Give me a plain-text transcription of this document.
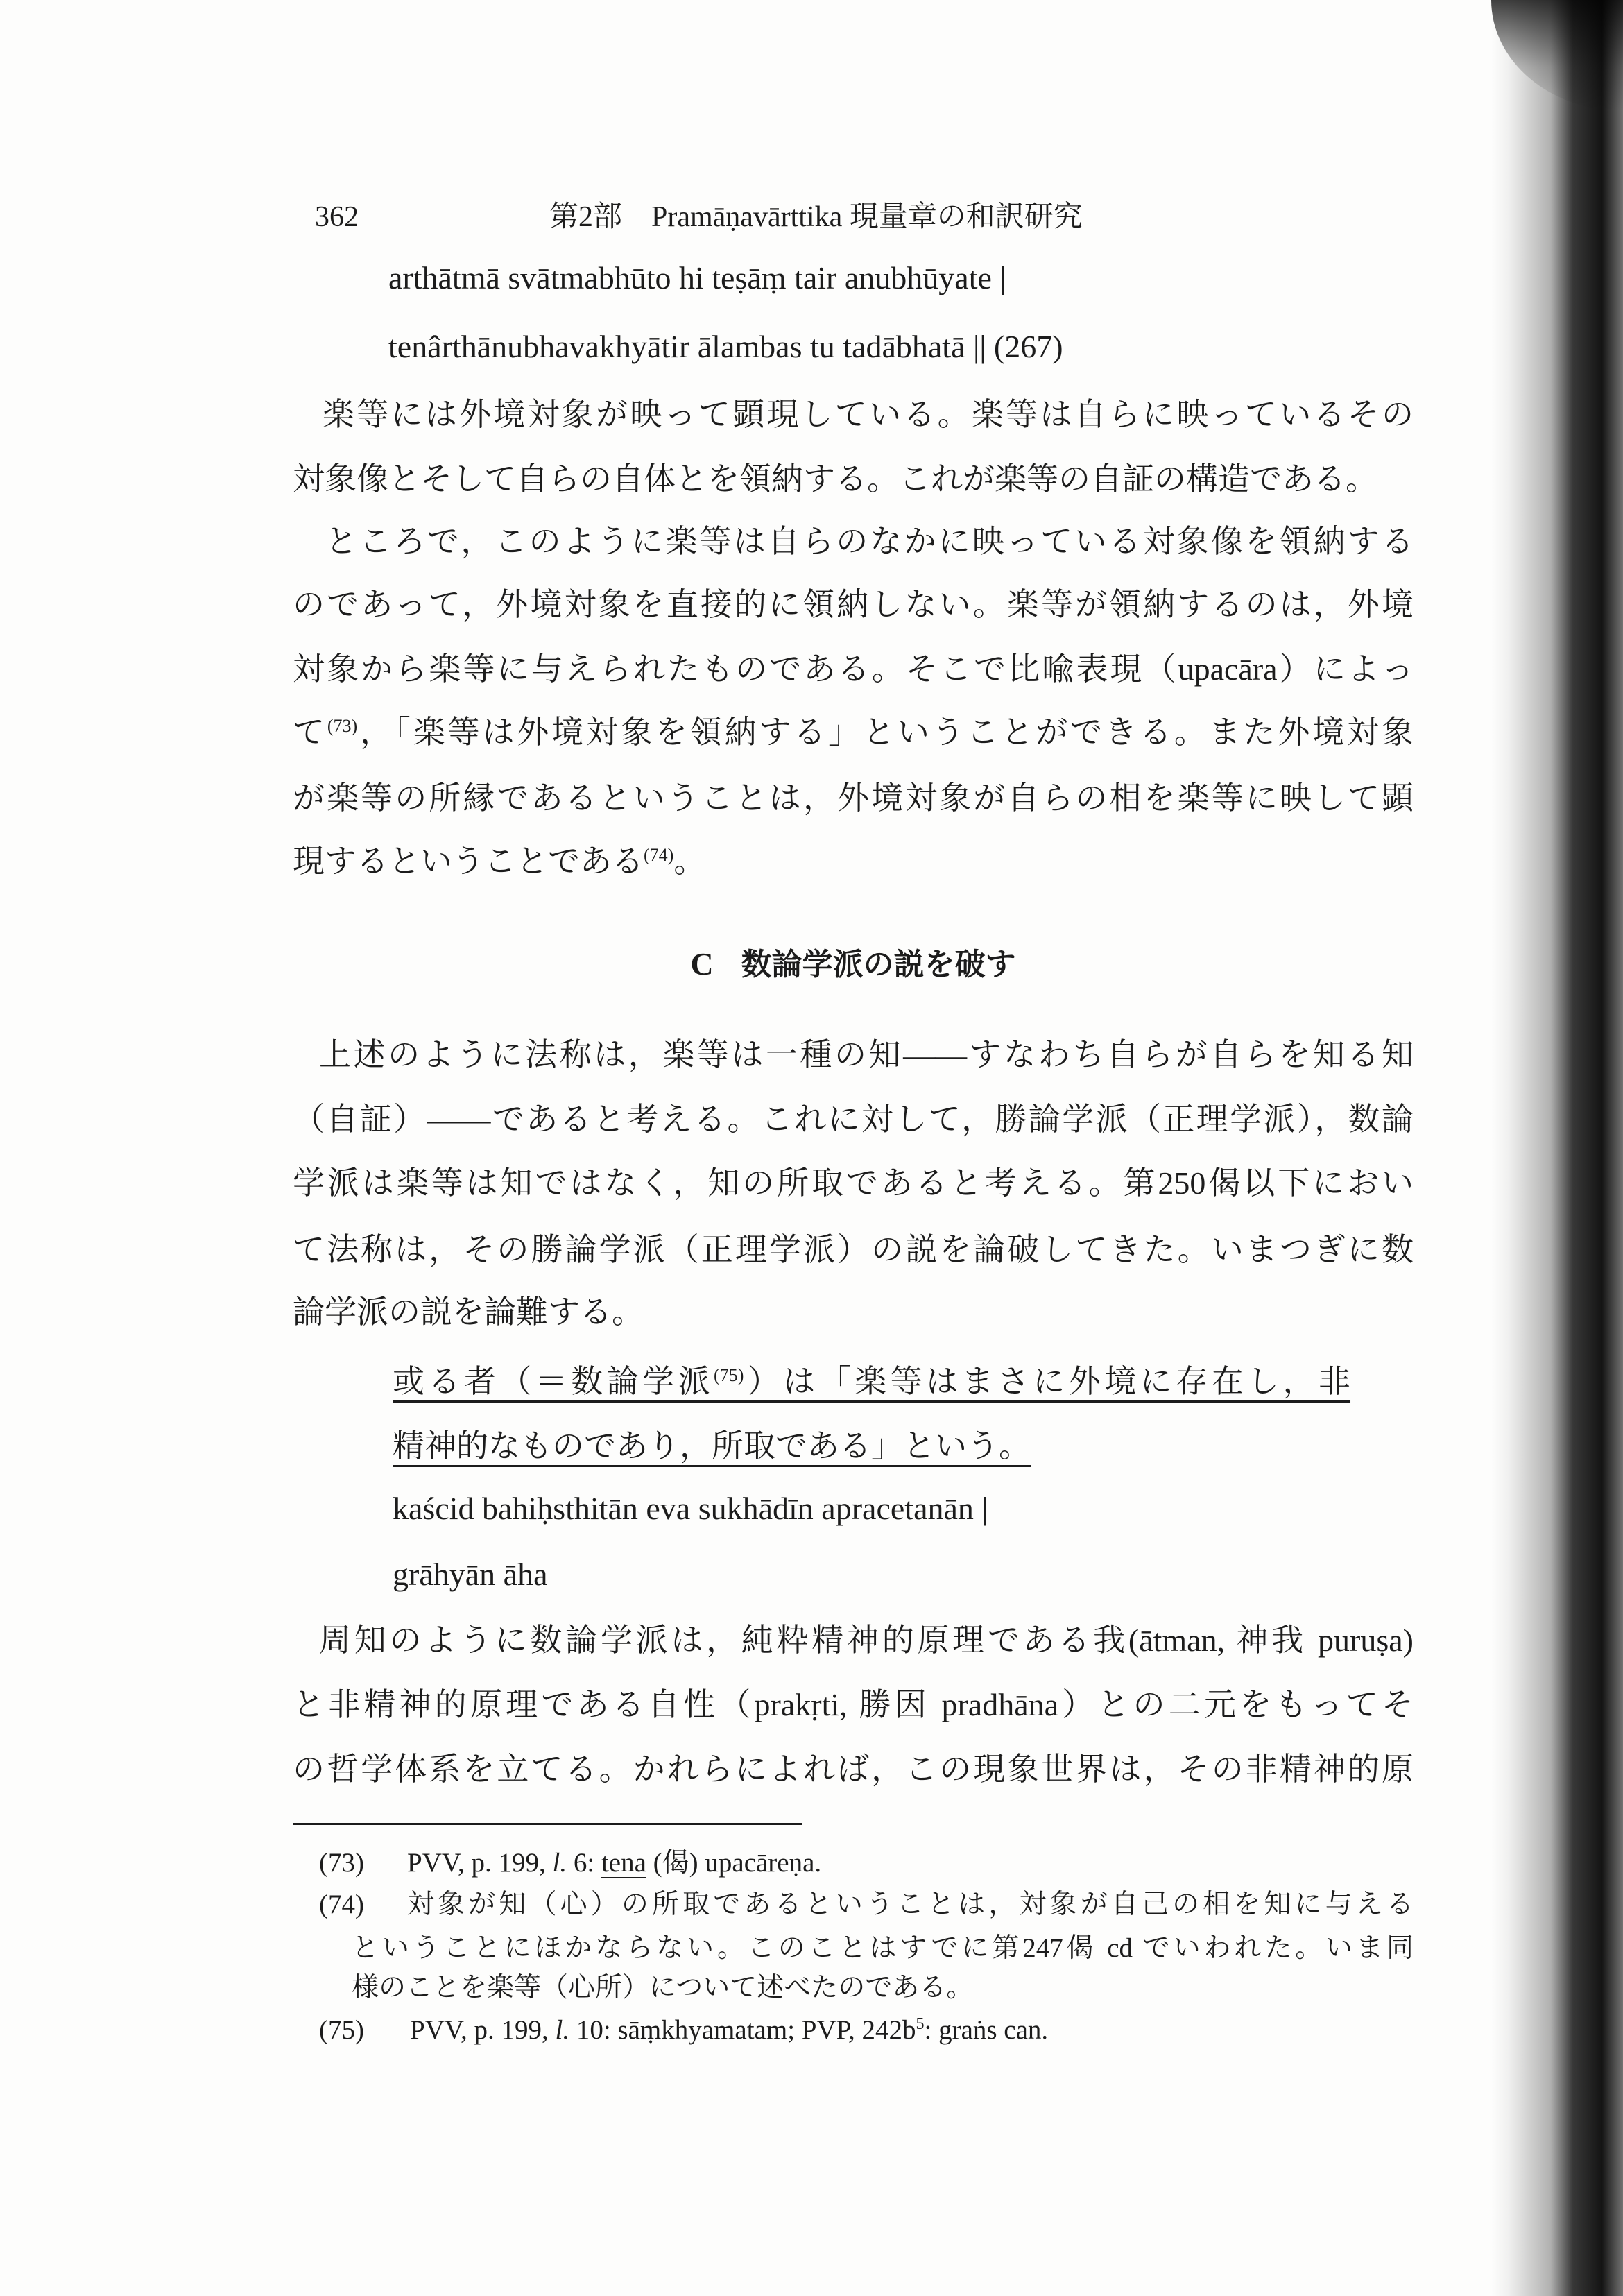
362	第2部　Pramāṇavārttika 現量章の和訳研究
arthātmā svātmabhūto hi teṣāṃ tair anubhūyate |
tenârthānubhavakhyātir ālambas tu tadābhatā || (267)
楽等には外境対象が映って顕現している。楽等は自らに映っているその
対象像とそして自らの自体とを領納する。これが楽等の自証の構造である。
ところで，このように楽等は自らのなかに映っている対象像を領納する
のであって，外境対象を直接的に領納しない。楽等が領納するのは，外境
対象から楽等に与えられたものである。そこで比喩表現（upacāra）によっ
て$^{(73)}$，「楽等は外境対象を領納する」ということができる。また外境対象
が楽等の所縁であるということは，外境対象が自らの相を楽等に映して顕
現するということである$^{(74)}$。
C 数論学派の説を破す
上述のように法称は，楽等は一種の知――すなわち自らが自らを知る知
（自証）――であると考える。これに対して，勝論学派（正理学派），数論
学派は楽等は知ではなく，知の所取であると考える。第250偈以下におい
て法称は，その勝論学派（正理学派）の説を論破してきた。いまつぎに数
論学派の説を論難する。
或る者（＝数論学派$^{(75)}$）は「楽等はまさに外境に存在し，非
精神的なものであり，所取である」という。
kaścid bahiḥsthitān eva sukhādīn apracetanān |
grāhyān āha
周知のように数論学派は，純粋精神的原理である我(ātman, 神我 puruṣa)
と非精神的原理である自性（prakṛti, 勝因 pradhāna）との二元をもってそ
の哲学体系を立てる。かれらによれば，この現象世界は，その非精神的原
(73) PVV, p. 199, l. 6: tena (偈) upacāreṇa.
(74) 対象が知（心）の所取であるということは，対象が自己の相を知に与える
ということにほかならない。このことはすでに第247偈 cd でいわれた。いま同
様のことを楽等（心所）について述べたのである。
(75) PVV, p. 199, l. 10: sāṃkhyamatam; PVP, $242b^5$: graṅs can.
